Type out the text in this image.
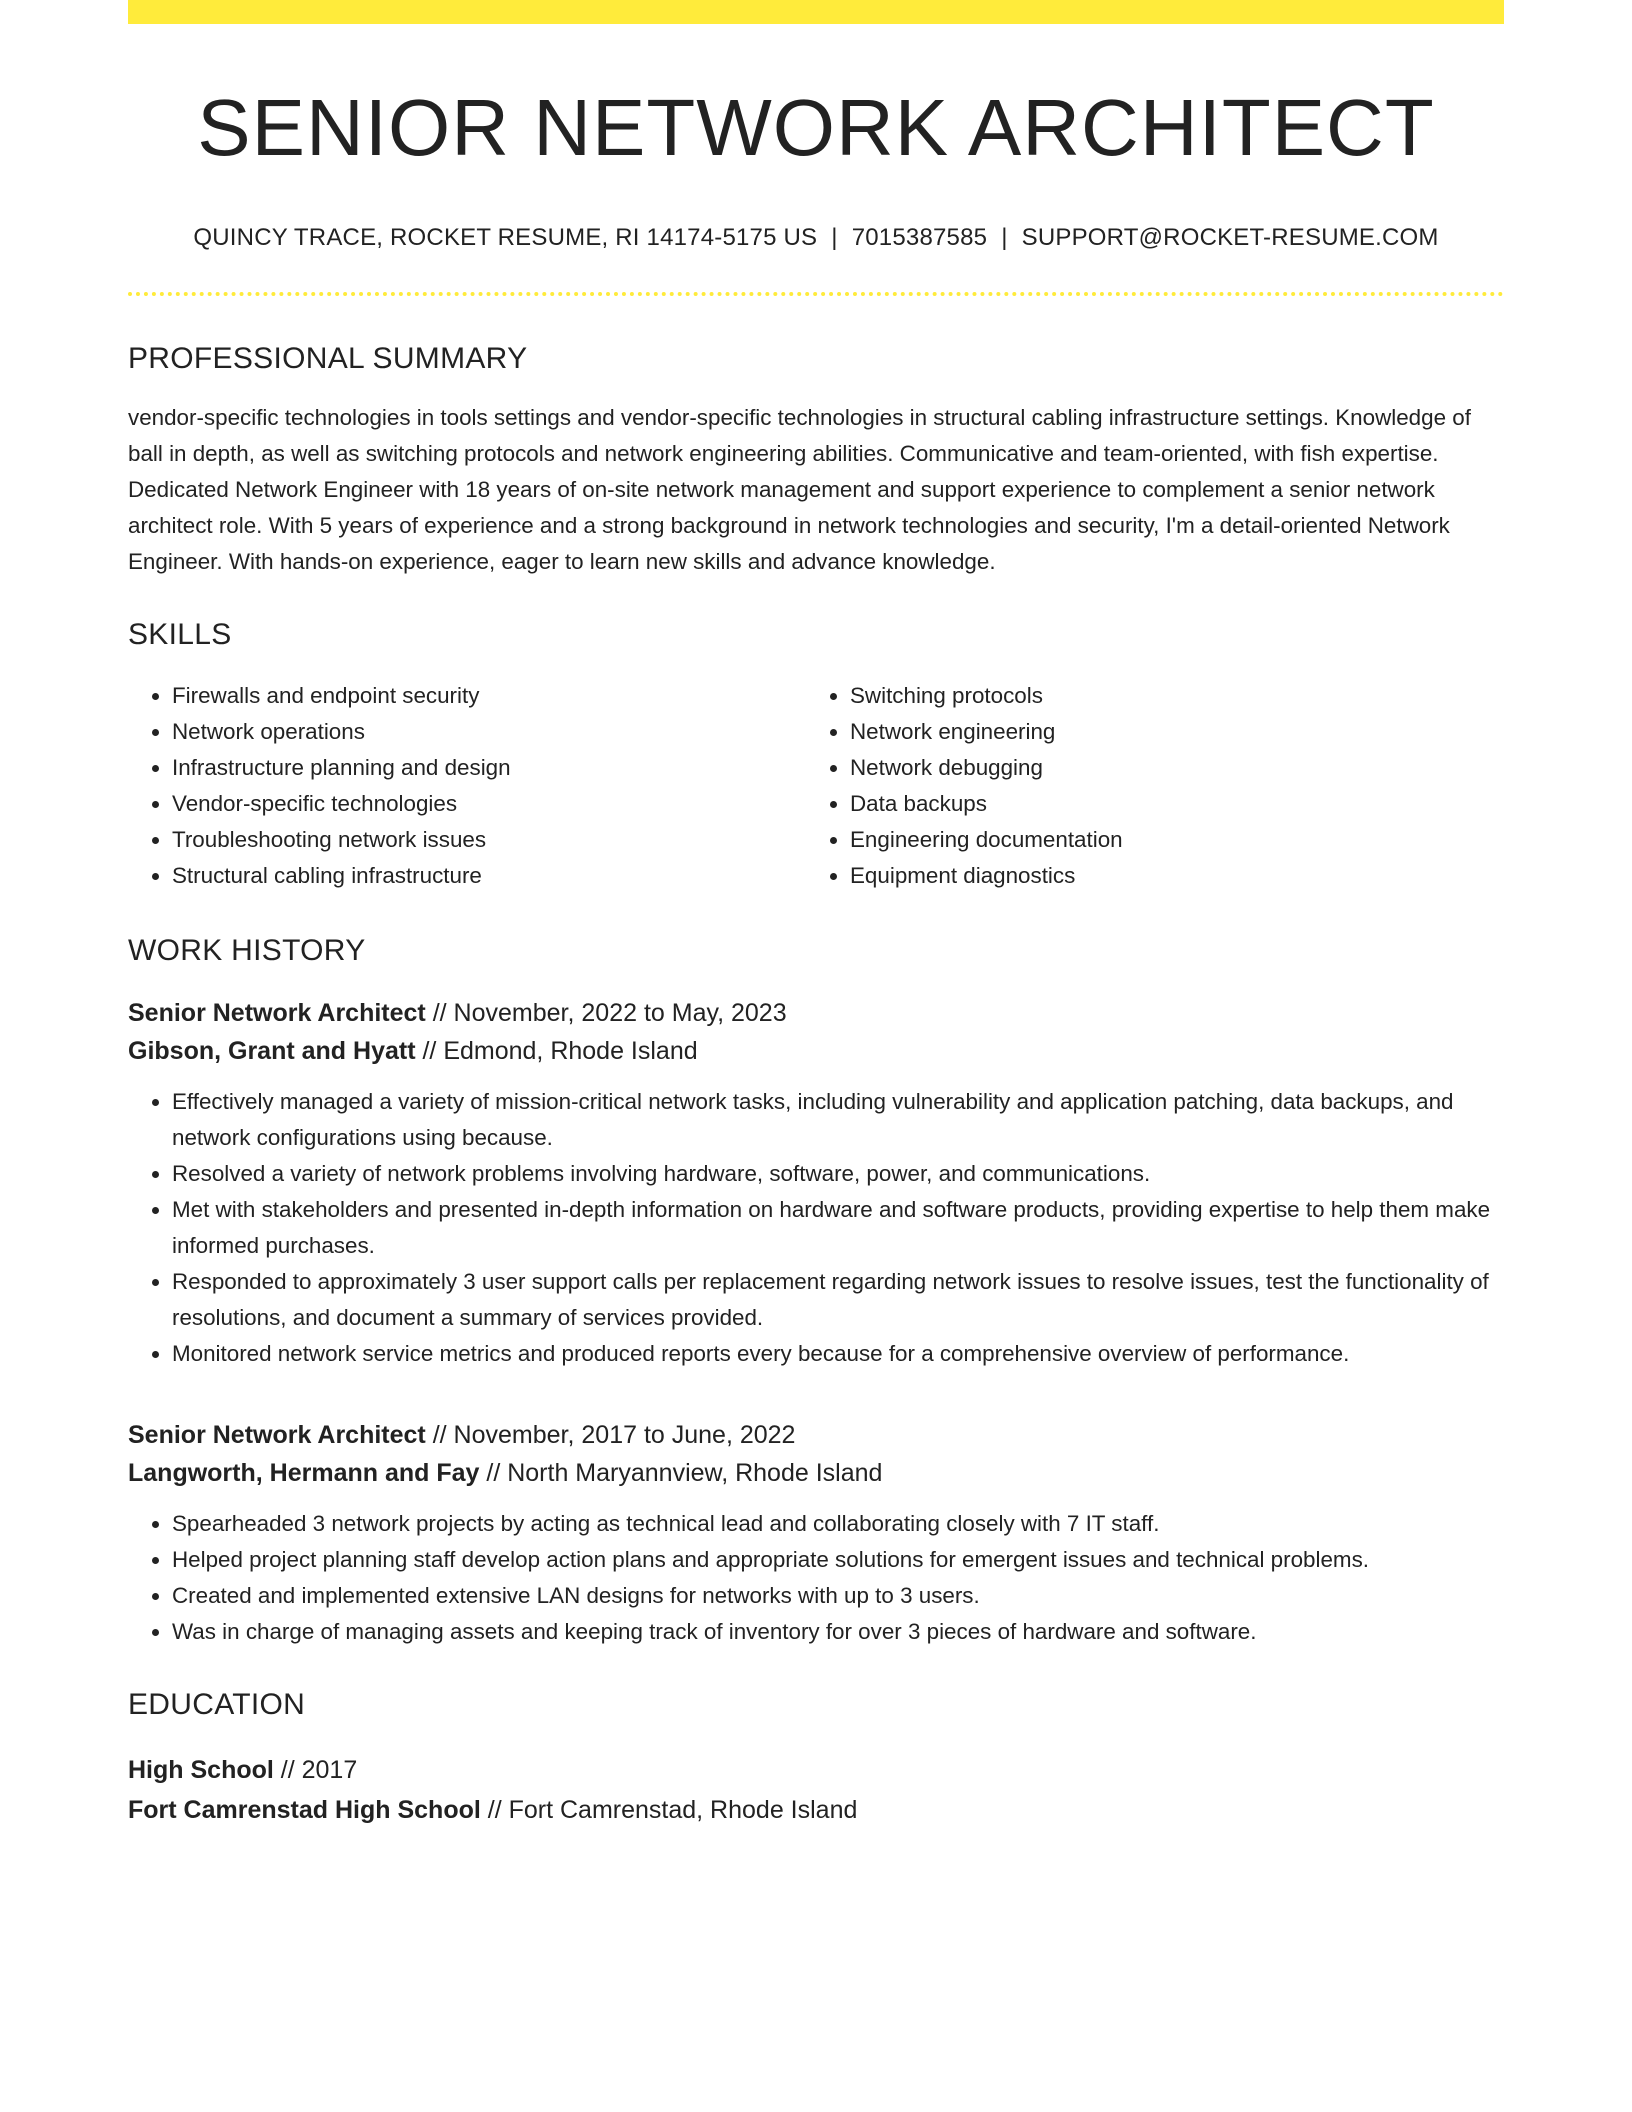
SENIOR NETWORK ARCHITECT
QUINCY TRACE, ROCKET RESUME, RI 14174-5175 US | 7015387585 | SUPPORT@ROCKET-RESUME.COM
PROFESSIONAL SUMMARY
vendor-specific technologies in tools settings and vendor-specific technologies in structural cabling infrastructure settings. Knowledge of ball in depth, as well as switching protocols and network engineering abilities. Communicative and team-oriented, with fish expertise. Dedicated Network Engineer with 18 years of on-site network management and support experience to complement a senior network architect role. With 5 years of experience and a strong background in network technologies and security, I'm a detail-oriented Network Engineer. With hands-on experience, eager to learn new skills and advance knowledge.
SKILLS
• Firewalls and endpoint security
• Network operations
• Infrastructure planning and design
• Vendor-specific technologies
• Troubleshooting network issues
• Structural cabling infrastructure
• Switching protocols
• Network engineering
• Network debugging
• Data backups
• Engineering documentation
• Equipment diagnostics
WORK HISTORY
Senior Network Architect // November, 2022 to May, 2023
Gibson, Grant and Hyatt // Edmond, Rhode Island
• Effectively managed a variety of mission-critical network tasks, including vulnerability and application patching, data backups, and network configurations using because.
• Resolved a variety of network problems involving hardware, software, power, and communications.
• Met with stakeholders and presented in-depth information on hardware and software products, providing expertise to help them make informed purchases.
• Responded to approximately 3 user support calls per replacement regarding network issues to resolve issues, test the functionality of resolutions, and document a summary of services provided.
• Monitored network service metrics and produced reports every because for a comprehensive overview of performance.
Senior Network Architect // November, 2017 to June, 2022
Langworth, Hermann and Fay // North Maryannview, Rhode Island
• Spearheaded 3 network projects by acting as technical lead and collaborating closely with 7 IT staff.
• Helped project planning staff develop action plans and appropriate solutions for emergent issues and technical problems.
• Created and implemented extensive LAN designs for networks with up to 3 users.
• Was in charge of managing assets and keeping track of inventory for over 3 pieces of hardware and software.
EDUCATION
High School // 2017
Fort Camrenstad High School // Fort Camrenstad, Rhode Island
